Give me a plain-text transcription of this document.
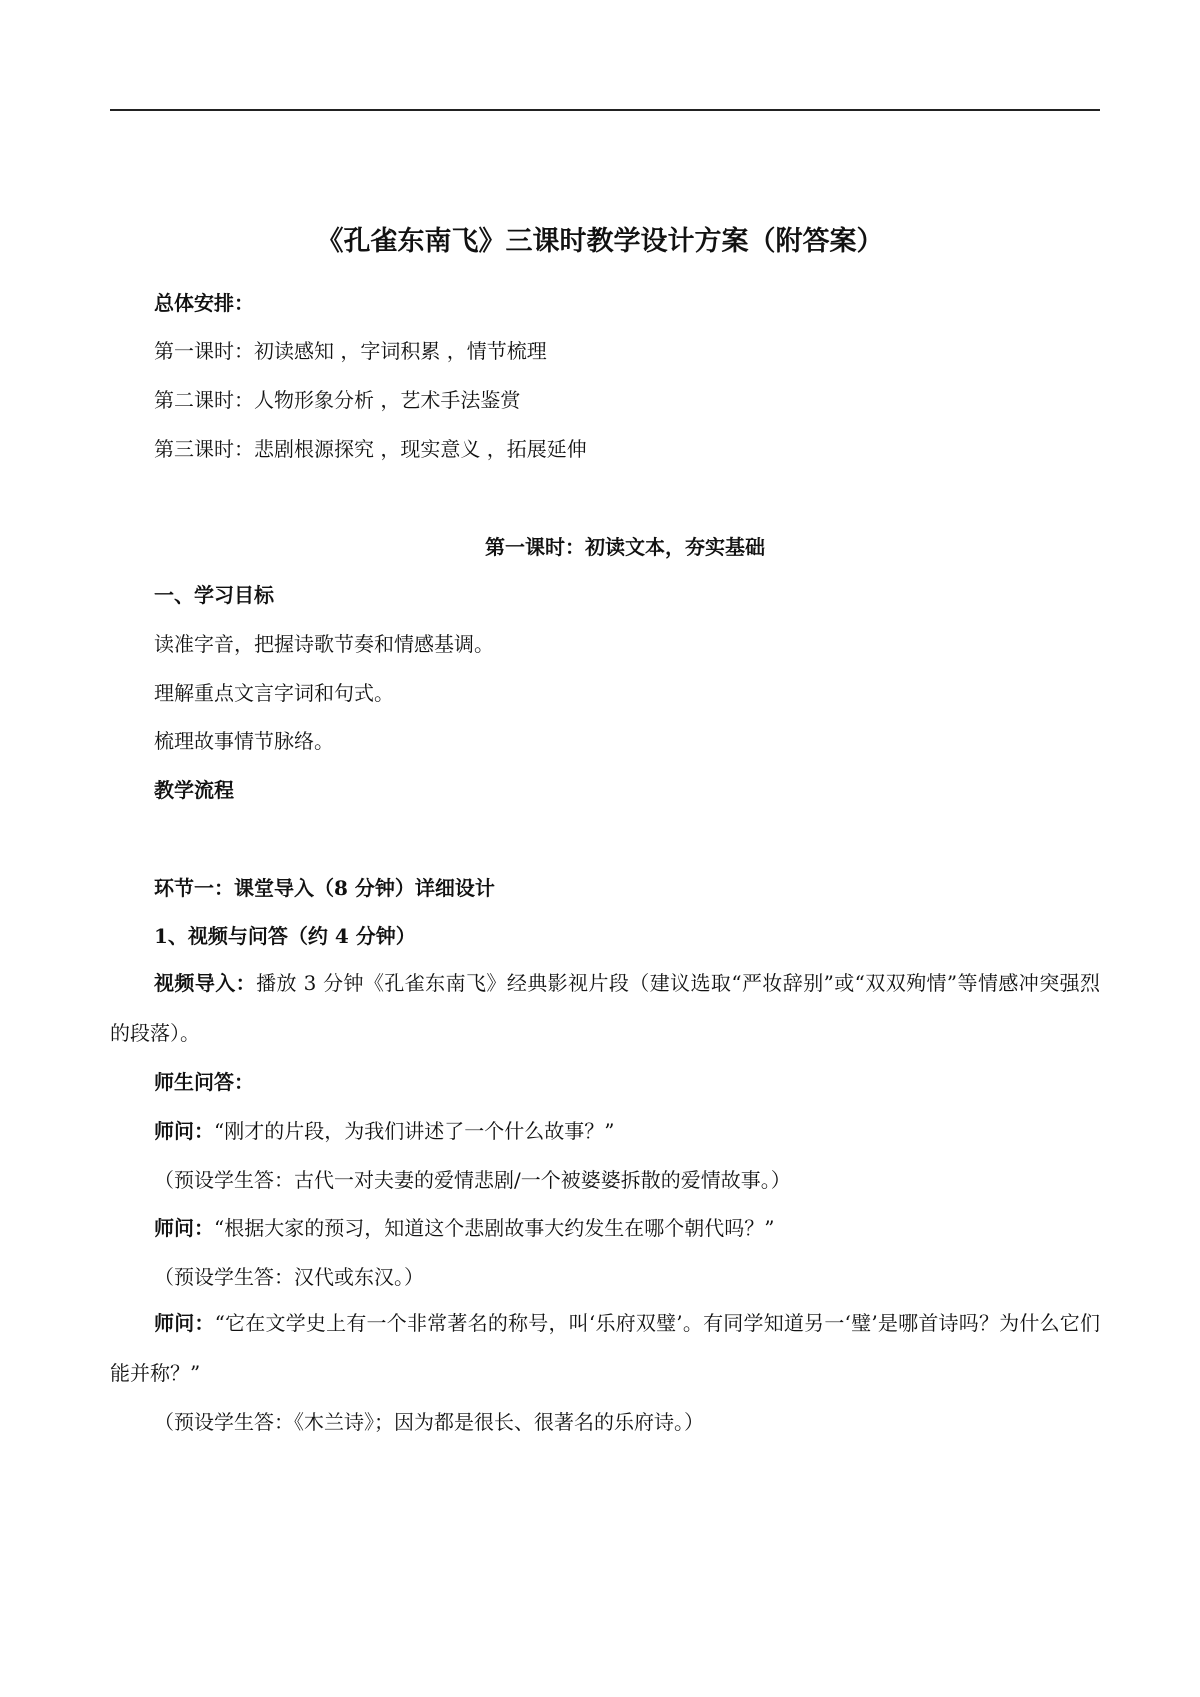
《孔雀东南飞》三课时教学设计方案（附答案）
总体安排：
第一课时：初读感知 ，字词积累 ，情节梳理
第二课时：人物形象分析 ，艺术手法鉴赏
第三课时：悲剧根源探究 ，现实意义 ，拓展延伸
第一课时：初读文本，夯实基础
一、学习目标
读准字音，把握诗歌节奏和情感基调。
理解重点文言字词和句式。
梳理故事情节脉络。
教学流程
环节一：课堂导入（8 分钟）详细设计
1、视频与问答（约 4 分钟）
视频导入：播放 3 分钟《孔雀东南飞》经典影视片段（建议选取“严妆辞别”或“双双殉情”等情感冲突强烈的段落）。
师生问答：
师问：“刚才的片段，为我们讲述了一个什么故事？”
（预设学生答：古代一对夫妻的爱情悲剧/一个被婆婆拆散的爱情故事。）
师问：“根据大家的预习，知道这个悲剧故事大约发生在哪个朝代吗？”
（预设学生答：汉代或东汉。）
师问：“它在文学史上有一个非常著名的称号，叫‘乐府双璧’。有同学知道另一‘璧’是哪首诗吗？为什么它们能并称？”
（预设学生答：《木兰诗》；因为都是很长、很著名的乐府诗。）
